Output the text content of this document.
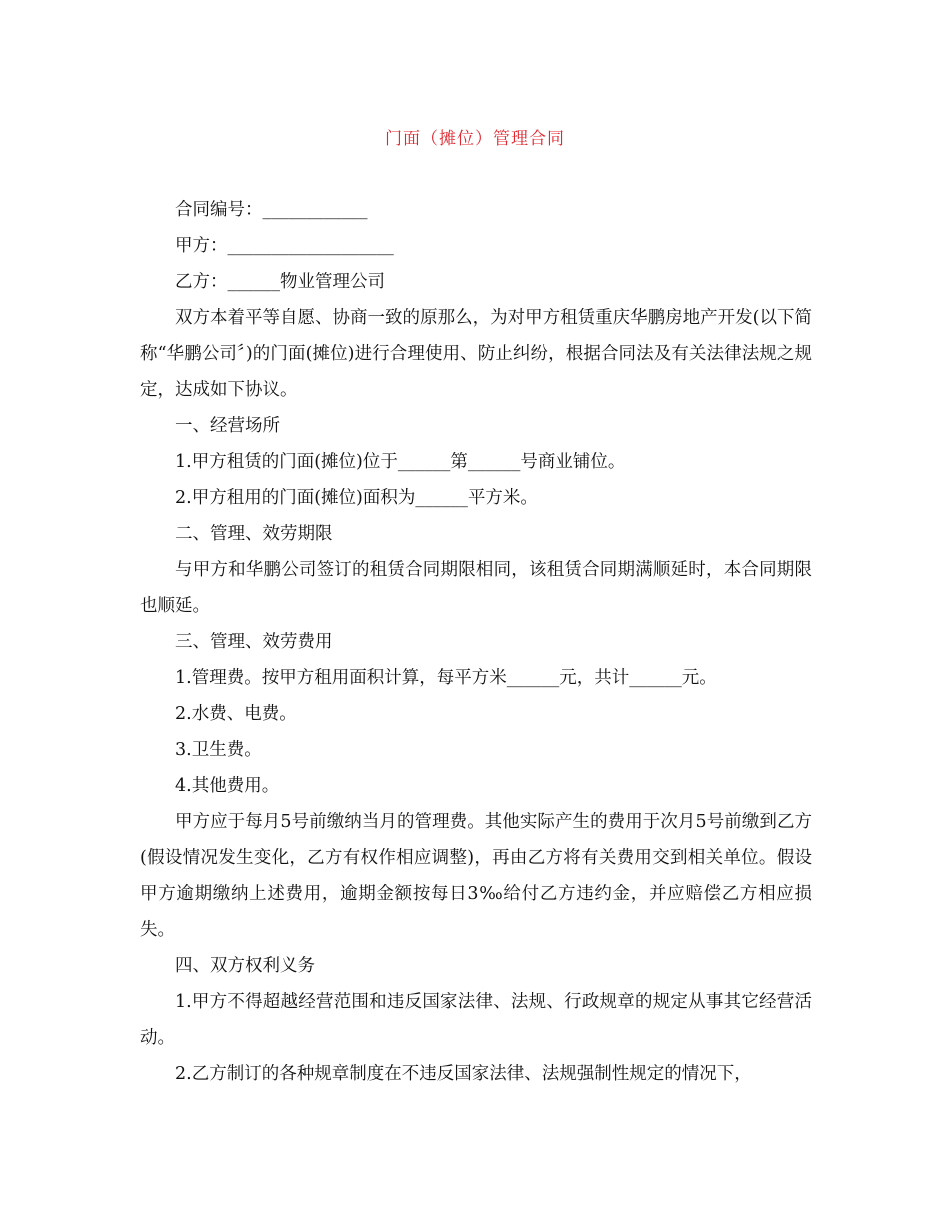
门面（摊位）管理合同

合同编号：____________

甲方：___________________

乙方：______物业管理公司

双方本着平等自愿、协商一致的原那么，为对甲方租赁重庆华鹏房地产开发(以下简称“华鹏公司〞)的门面(摊位)进行合理使用、防止纠纷，根据合同法及有关法律法规之规定，达成如下协议。

一、经营场所

1.甲方租赁的门面(摊位)位于______第______号商业铺位。

2.甲方租用的门面(摊位)面积为______平方米。

二、管理、效劳期限

与甲方和华鹏公司签订的租赁合同期限相同，该租赁合同期满顺延时，本合同期限也顺延。

三、管理、效劳费用

1.管理费。按甲方租用面积计算，每平方米______元，共计______元。

2.水费、电费。

3.卫生费。

4.其他费用。

甲方应于每月5号前缴纳当月的管理费。其他实际产生的费用于次月5号前缴到乙方(假设情况发生变化，乙方有权作相应调整)，再由乙方将有关费用交到相关单位。假设甲方逾期缴纳上述费用，逾期金额按每日3‰给付乙方违约金，并应赔偿乙方相应损失。

四、双方权利义务

1.甲方不得超越经营范围和违反国家法律、法规、行政规章的规定从事其它经营活动。

2.乙方制订的各种规章制度在不违反国家法律、法规强制性规定的情况下，
